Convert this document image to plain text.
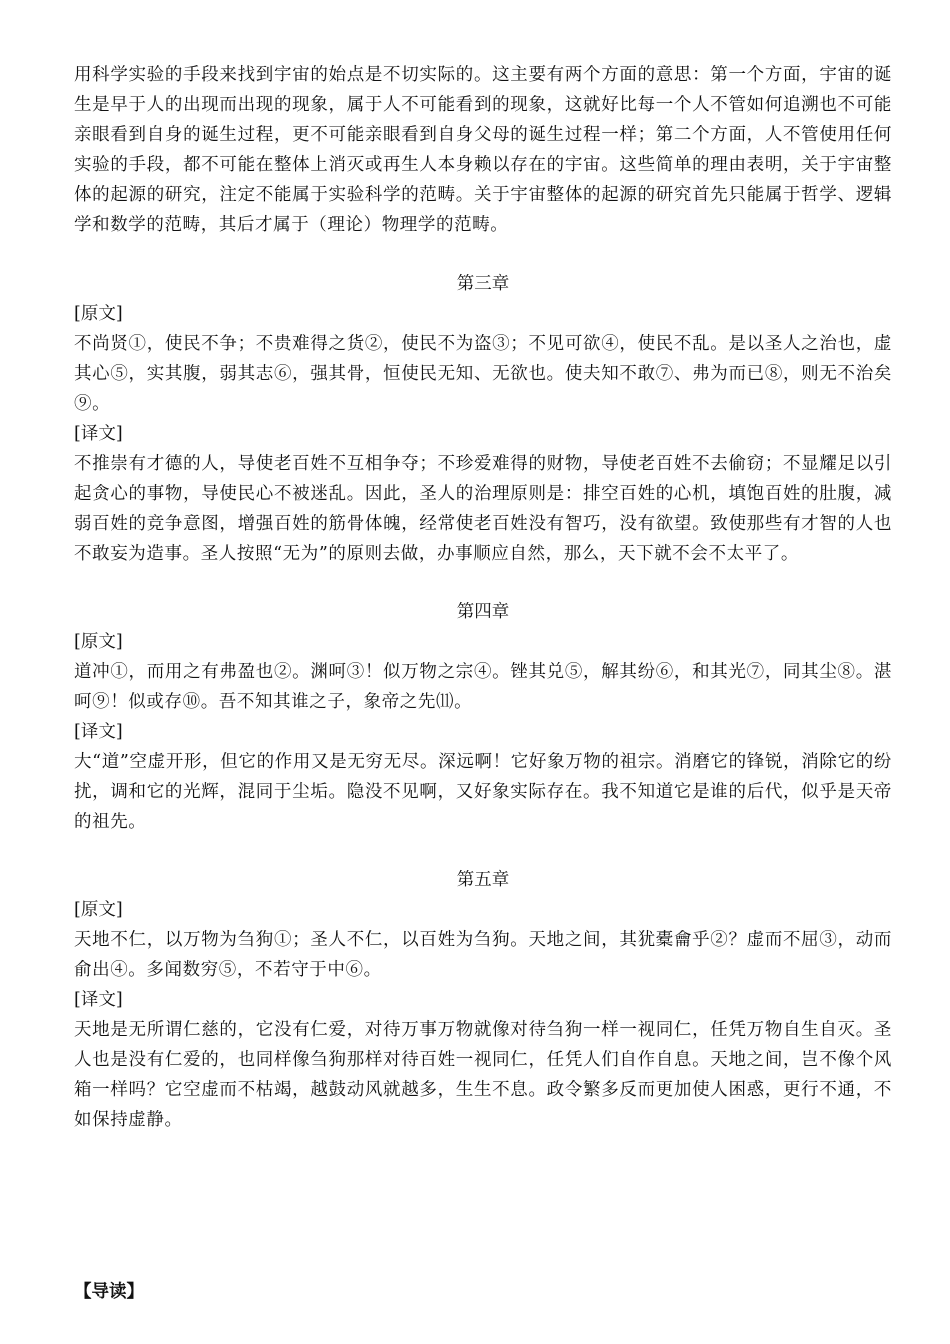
用科学实验的手段来找到宇宙的始点是不切实际的。这主要有两个方面的意思：第一个方面，宇宙的诞生是早于人的出现而出现的现象，属于人不可能看到的现象，这就好比每一个人不管如何追溯也不可能亲眼看到自身的诞生过程，更不可能亲眼看到自身父母的诞生过程一样；第二个方面，人不管使用任何实验的手段，都不可能在整体上消灭或再生人本身赖以存在的宇宙。这些简单的理由表明，关于宇宙整体的起源的研究，注定不能属于实验科学的范畴。关于宇宙整体的起源的研究首先只能属于哲学、逻辑学和数学的范畴，其后才属于（理论）物理学的范畴。

第三章

[原文]

不尚贤①，使民不争；不贵难得之货②，使民不为盗③；不见可欲④，使民不乱。是以圣人之治也，虚其心⑤，实其腹，弱其志⑥，强其骨，恒使民无知、无欲也。使夫知不敢⑦、弗为而已⑧，则无不治矣⑨。

[译文]

不推崇有才德的人，导使老百姓不互相争夺；不珍爱难得的财物，导使老百姓不去偷窃；不显耀足以引起贪心的事物，导使民心不被迷乱。因此，圣人的治理原则是：排空百姓的心机，填饱百姓的肚腹，减弱百姓的竞争意图，增强百姓的筋骨体魄，经常使老百姓没有智巧，没有欲望。致使那些有才智的人也不敢妄为造事。圣人按照“无为”的原则去做，办事顺应自然，那么，天下就不会不太平了。

第四章

[原文]

道冲①，而用之有弗盈也②。渊呵③！似万物之宗④。锉其兑⑤，解其纷⑥，和其光⑦，同其尘⑧。湛呵⑨！似或存⑩。吾不知其谁之子，象帝之先⑾。

[译文]

大“道”空虚开形，但它的作用又是无穷无尽。深远啊！它好象万物的祖宗。消磨它的锋锐，消除它的纷扰，调和它的光辉，混同于尘垢。隐没不见啊，又好象实际存在。我不知道它是谁的后代，似乎是天帝的祖先。

第五章

[原文]

天地不仁，以万物为刍狗①；圣人不仁，以百姓为刍狗。天地之间，其犹橐龠乎②？虚而不屈③，动而俞出④。多闻数穷⑤，不若守于中⑥。

[译文]

天地是无所谓仁慈的，它没有仁爱，对待万事万物就像对待刍狗一样一视同仁，任凭万物自生自灭。圣人也是没有仁爱的，也同样像刍狗那样对待百姓一视同仁，任凭人们自作自息。天地之间，岂不像个风箱一样吗？它空虚而不枯竭，越鼓动风就越多，生生不息。政令繁多反而更加使人困惑，更行不通，不如保持虚静。

【导读】
